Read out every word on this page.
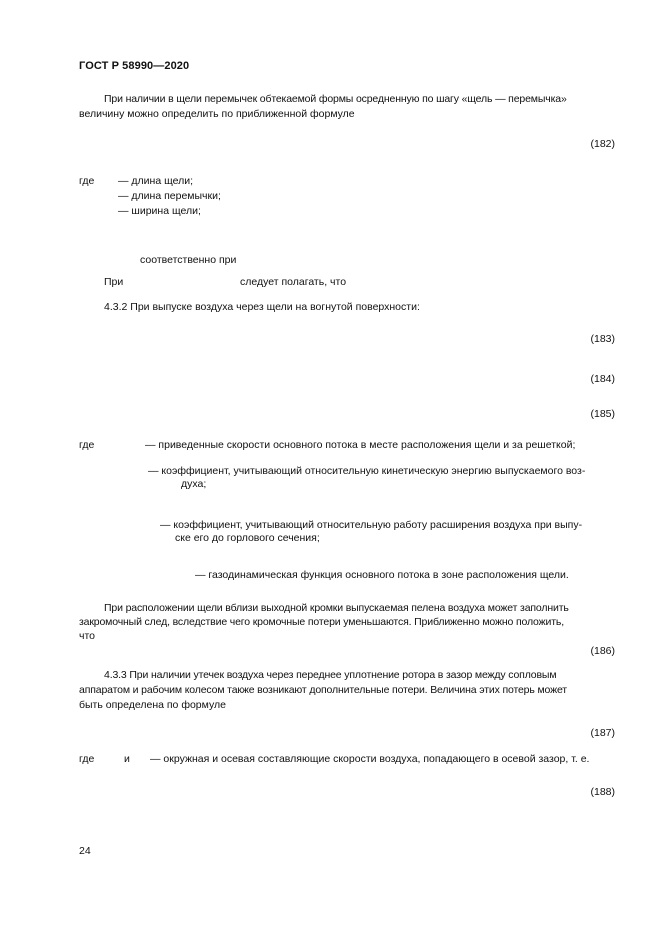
ГОСТ Р 58990—2020
При наличии в щели перемычек обтекаемой формы осредненную по шагу «щель — перемычка»
величину можно определить по приближенной формуле
(182)
где — длина щели;
— длина перемычки;
— ширина щели;
соответственно при
При	следует полагать, что
4.3.2 При выпуске воздуха через щели на вогнутой поверхности:
(183)
(184)
(185)
где	— приведенные скорости основного потока в месте расположения щели и за решеткой;
— коэффициент, учитывающий относительную кинетическую энергию выпускаемого воз-
духа;
— коэффициент, учитывающий относительную работу расширения воздуха при выпу-
ске его до горлового сечения;
— газодинамическая функция основного потока в зоне расположения щели.
При расположении щели вблизи выходной кромки выпускаемая пелена воздуха может заполнить
закромочный след, вследствие чего кромочные потери уменьшаются. Приближенно можно положить,
что
(186)
4.3.3 При наличии утечек воздуха через переднее уплотнение ротора в зазор между сопловым
аппаратом и рабочим колесом также возникают дополнительные потери. Величина этих потерь может
быть определена по формуле
(187)
где	и — окружная и осевая составляющие скорости воздуха, попадающего в осевой зазор, т. е.
(188)
24
